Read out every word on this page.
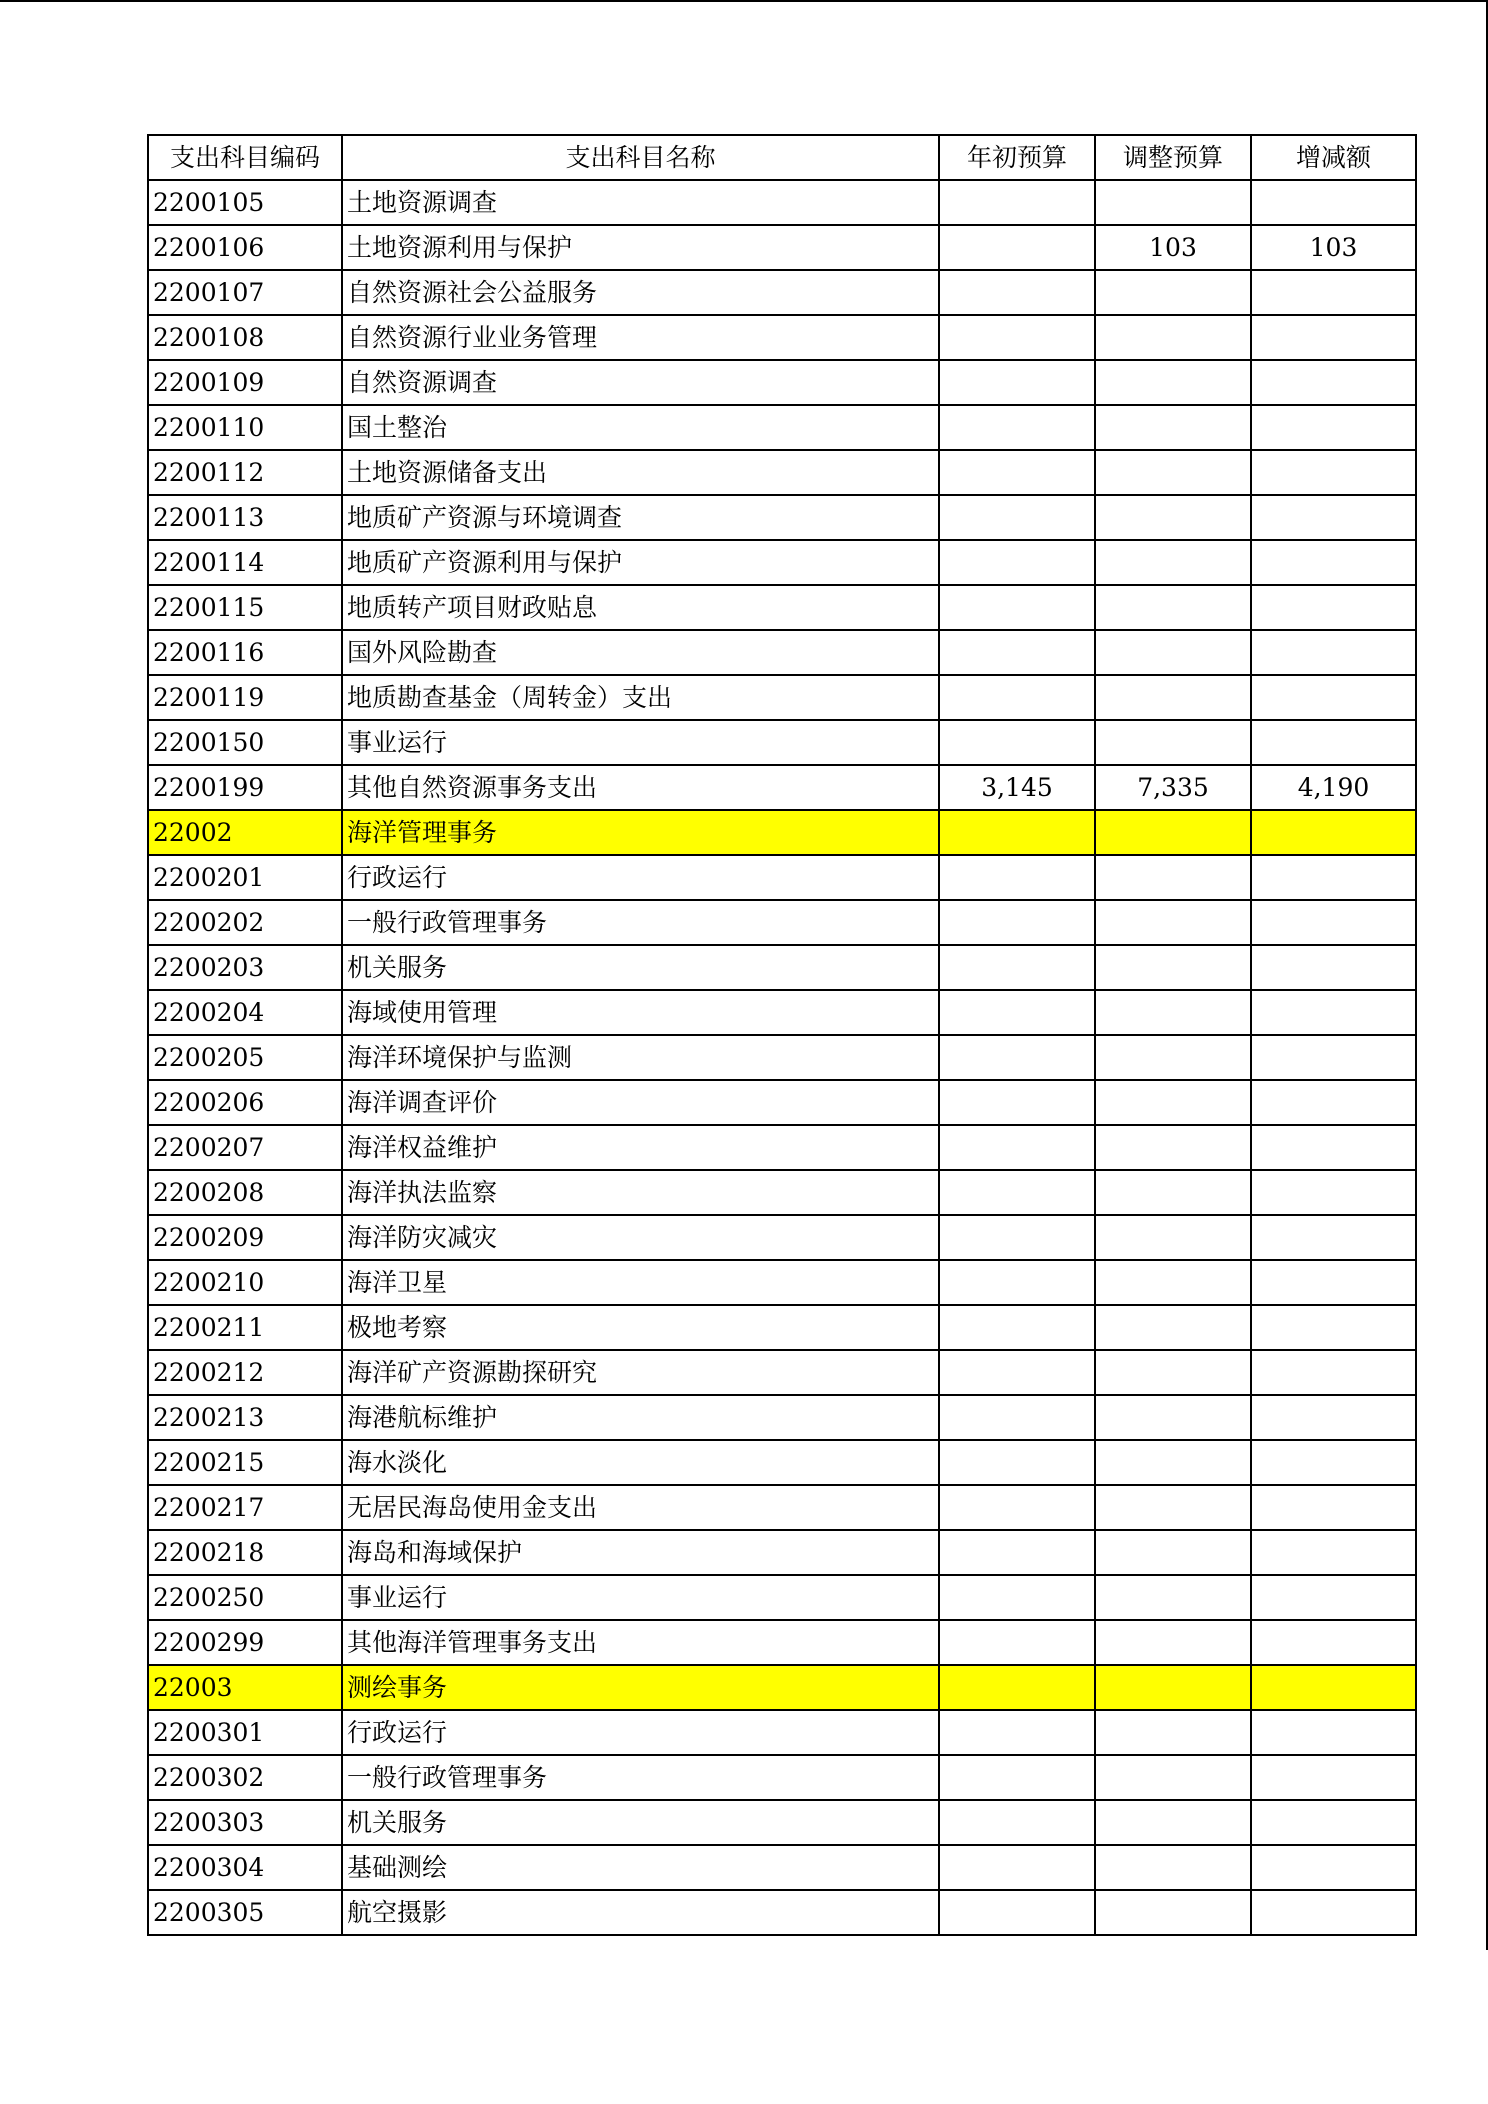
支出科目编码	支出科目名称	年初预算	调整预算	增减额
2200105	土地资源调查			
2200106	土地资源利用与保护		103	103
2200107	自然资源社会公益服务			
2200108	自然资源行业业务管理			
2200109	自然资源调查			
2200110	国土整治			
2200112	土地资源储备支出			
2200113	地质矿产资源与环境调查			
2200114	地质矿产资源利用与保护			
2200115	地质转产项目财政贴息			
2200116	国外风险勘查			
2200119	地质勘查基金（周转金）支出			
2200150	事业运行			
2200199	其他自然资源事务支出	3,145	7,335	4,190
22002	海洋管理事务			
2200201	行政运行			
2200202	一般行政管理事务			
2200203	机关服务			
2200204	海域使用管理			
2200205	海洋环境保护与监测			
2200206	海洋调查评价			
2200207	海洋权益维护			
2200208	海洋执法监察			
2200209	海洋防灾减灾			
2200210	海洋卫星			
2200211	极地考察			
2200212	海洋矿产资源勘探研究			
2200213	海港航标维护			
2200215	海水淡化			
2200217	无居民海岛使用金支出			
2200218	海岛和海域保护			
2200250	事业运行			
2200299	其他海洋管理事务支出			
22003	测绘事务			
2200301	行政运行			
2200302	一般行政管理事务			
2200303	机关服务			
2200304	基础测绘			
2200305	航空摄影			
